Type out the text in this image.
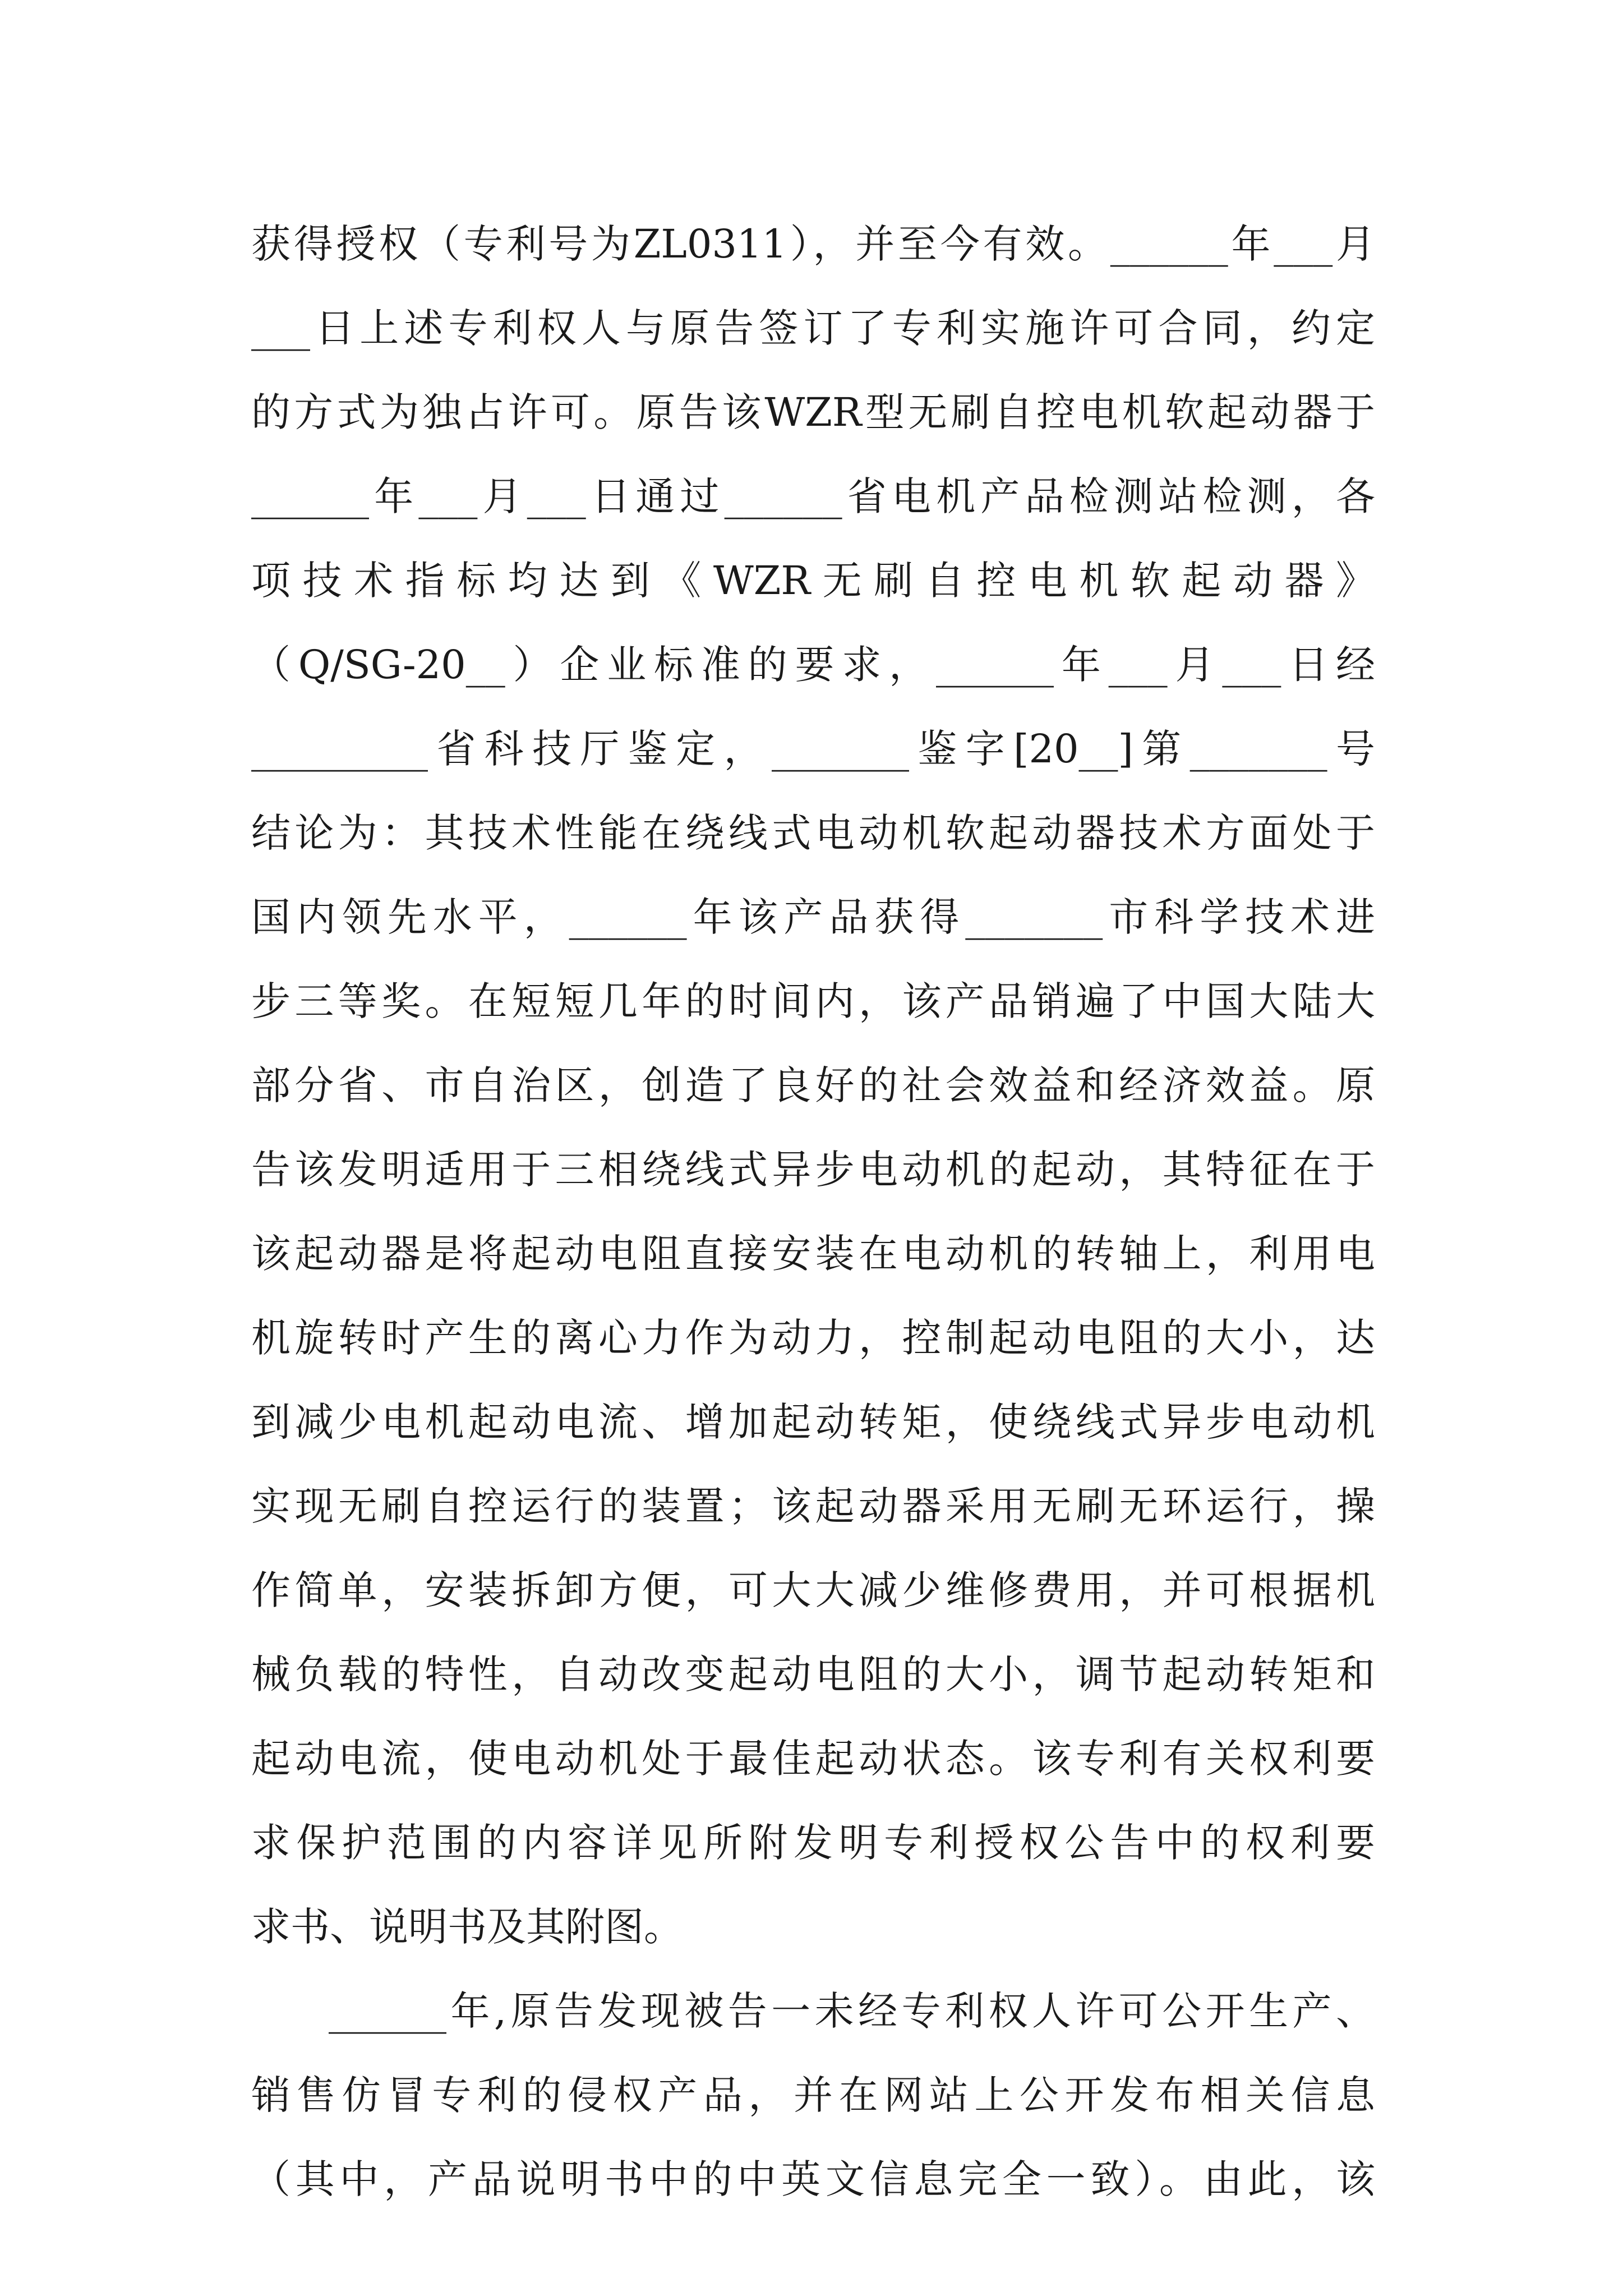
获得授权（专利号为ZL0311），并至今有效。______年___月
___日上述专利权人与原告签订了专利实施许可合同，约定
的方式为独占许可。原告该WZR型无刷自控电机软起动器于
______年___月___日通过______省电机产品检测站检测，各
项技术指标均达到《WZR无刷自控电机软起动器》
（Q/SG-20__）企业标准的要求，______年___月___日经
_________省科技厅鉴定，_______鉴字[20__]第_______号
结论为：其技术性能在绕线式电动机软起动器技术方面处于
国内领先水平，______年该产品获得_______市科学技术进
步三等奖。在短短几年的时间内，该产品销遍了中国大陆大
部分省、市自治区，创造了良好的社会效益和经济效益。原
告该发明适用于三相绕线式异步电动机的起动，其特征在于
该起动器是将起动电阻直接安装在电动机的转轴上，利用电
机旋转时产生的离心力作为动力，控制起动电阻的大小，达
到减少电机起动电流、增加起动转矩，使绕线式异步电动机
实现无刷自控运行的装置；该起动器采用无刷无环运行，操
作简单，安装拆卸方便，可大大减少维修费用，并可根据机
械负载的特性，自动改变起动电阻的大小，调节起动转矩和
起动电流，使电动机处于最佳起动状态。该专利有关权利要
求保护范围的内容详见所附发明专利授权公告中的权利要
求书、说明书及其附图。
______年,原告发现被告一未经专利权人许可公开生产、
销售仿冒专利的侵权产品，并在网站上公开发布相关信息
（其中，产品说明书中的中英文信息完全一致）。由此，该
